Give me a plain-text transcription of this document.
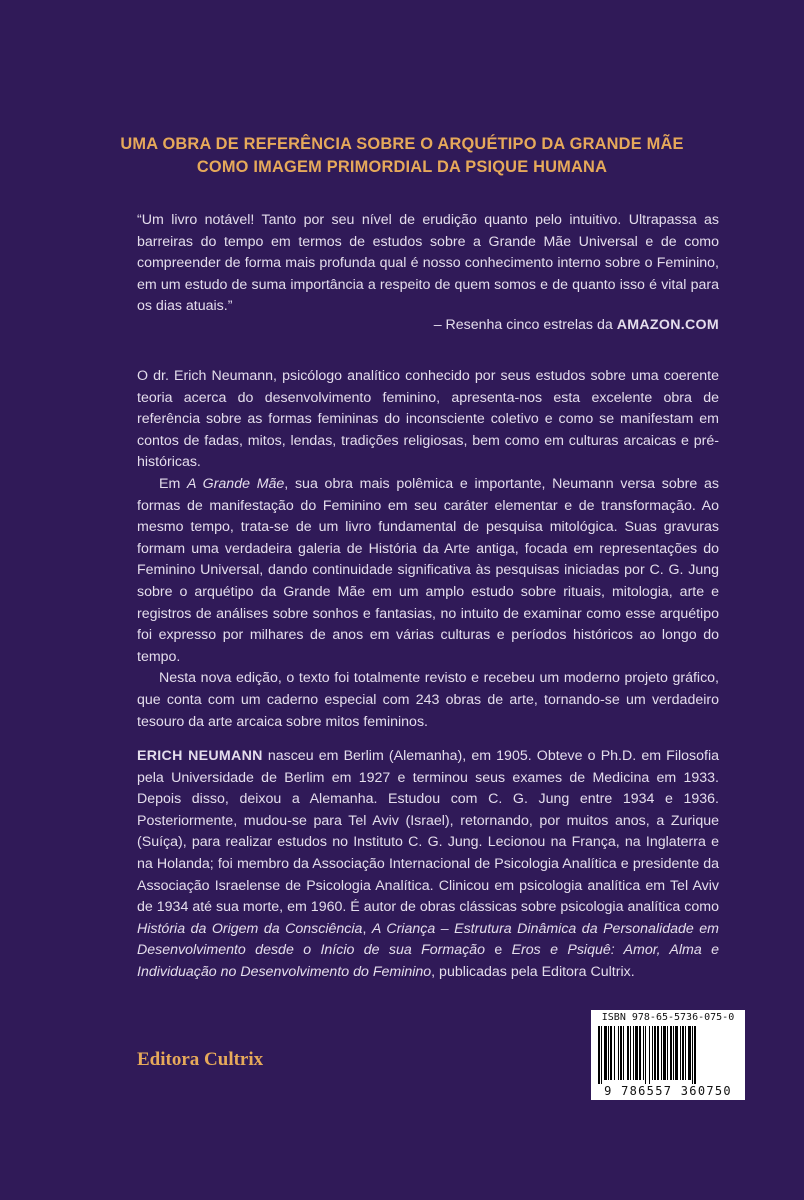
UMA OBRA DE REFERÊNCIA SOBRE O ARQUÉTIPO DA GRANDE MÃE
COMO IMAGEM PRIMORDIAL DA PSIQUE HUMANA

“Um livro notável! Tanto por seu nível de erudição quanto pelo intuitivo. Ultrapassa as barreiras do tempo em termos de estudos sobre a Grande Mãe Universal e de como compreender de forma mais profunda qual é nosso conhecimento interno sobre o Feminino, em um estudo de suma importância a respeito de quem somos e de quanto isso é vital para os dias atuais.”

– Resenha cinco estrelas da AMAZON.COM

O dr. Erich Neumann, psicólogo analítico conhecido por seus estudos sobre uma coerente teoria acerca do desenvolvimento feminino, apresenta-nos esta excelente obra de referência sobre as formas femininas do inconsciente coletivo e como se manifestam em contos de fadas, mitos, lendas, tradições religiosas, bem como em culturas arcaicas e pré-históricas.

Em A Grande Mãe, sua obra mais polêmica e importante, Neumann versa sobre as formas de manifestação do Feminino em seu caráter elementar e de transformação. Ao mesmo tempo, trata-se de um livro fundamental de pesquisa mitológica. Suas gravuras formam uma verdadeira galeria de História da Arte antiga, focada em representações do Feminino Universal, dando continuidade significativa às pesquisas iniciadas por C. G. Jung sobre o arquétipo da Grande Mãe em um amplo estudo sobre rituais, mitologia, arte e registros de análises sobre sonhos e fantasias, no intuito de examinar como esse arquétipo foi expresso por milhares de anos em várias culturas e períodos históricos ao longo do tempo.

Nesta nova edição, o texto foi totalmente revisto e recebeu um moderno projeto gráfico, que conta com um caderno especial com 243 obras de arte, tornando-se um verdadeiro tesouro da arte arcaica sobre mitos femininos.

ERICH NEUMANN nasceu em Berlim (Alemanha), em 1905. Obteve o Ph.D. em Filosofia pela Universidade de Berlim em 1927 e terminou seus exames de Medicina em 1933. Depois disso, deixou a Alemanha. Estudou com C. G. Jung entre 1934 e 1936. Posteriormente, mudou-se para Tel Aviv (Israel), retornando, por muitos anos, a Zurique (Suíça), para realizar estudos no Instituto C. G. Jung. Lecionou na França, na Inglaterra e na Holanda; foi membro da Associação Internacional de Psicologia Analítica e presidente da Associação Israelense de Psicologia Analítica. Clinicou em psicologia analítica em Tel Aviv de 1934 até sua morte, em 1960. É autor de obras clássicas sobre psicologia analítica como História da Origem da Consciência, A Criança – Estrutura Dinâmica da Personalidade em Desenvolvimento desde o Início de sua Formação e Eros e Psiquê: Amor, Alma e Individuação no Desenvolvimento do Feminino, publicadas pela Editora Cultrix.

Editora Cultrix
ISBN 978-65-5736-075-0
9 786557 360750
